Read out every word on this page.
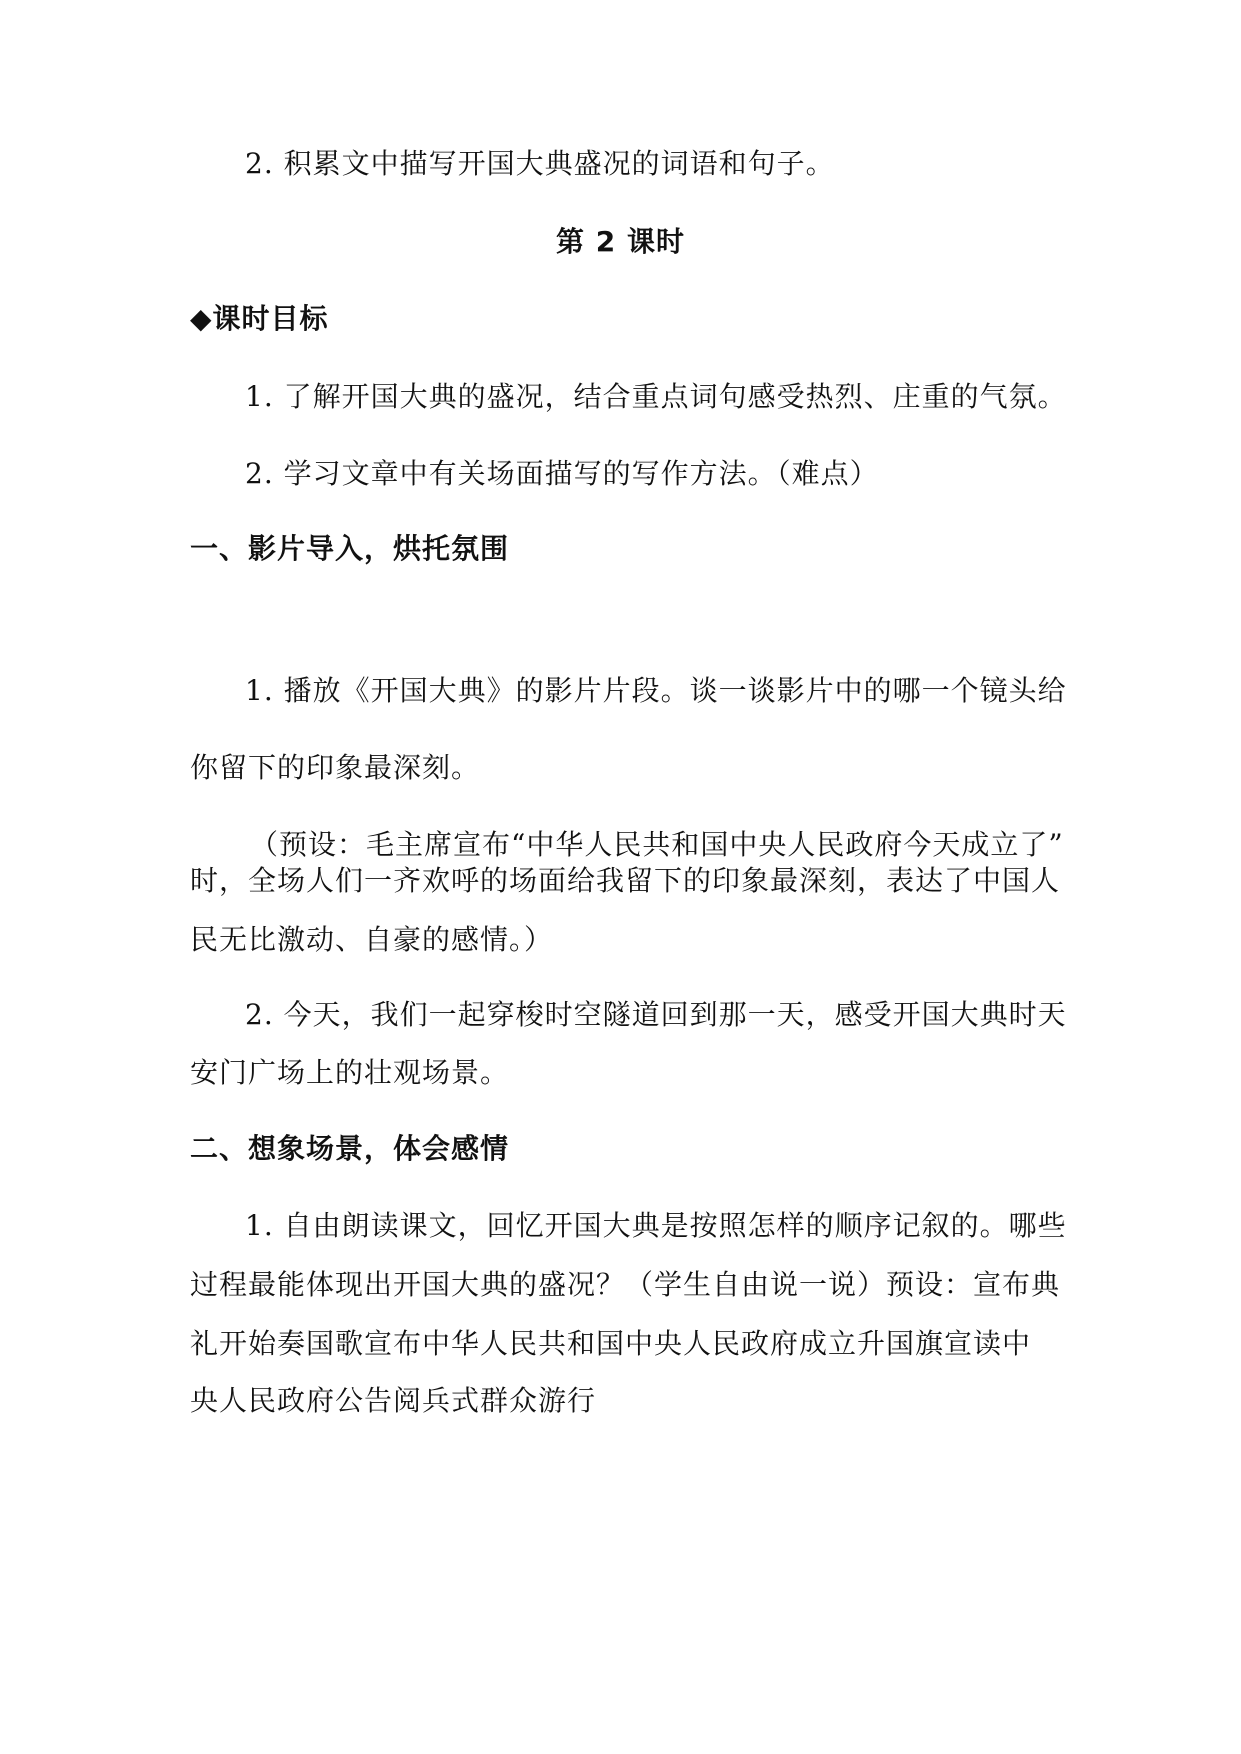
2. 积累文中描写开国大典盛况的词语和句子。
第 2 课时
◆课时目标
1. 了解开国大典的盛况，结合重点词句感受热烈、庄重的气氛。
2. 学习文章中有关场面描写的写作方法。（难点）
一、影片导入，烘托氛围
1. 播放《开国大典》的影片片段。谈一谈影片中的哪一个镜头给
你留下的印象最深刻。
（预设：毛主席宣布“中华人民共和国中央人民政府今天成立了”
时，全场人们一齐欢呼的场面给我留下的印象最深刻，表达了中国人
民无比激动、自豪的感情。）
2. 今天，我们一起穿梭时空隧道回到那一天，感受开国大典时天
安门广场上的壮观场景。
二、想象场景，体会感情
1. 自由朗读课文，回忆开国大典是按照怎样的顺序记叙的。哪些
过程最能体现出开国大典的盛况？（学生自由说一说）预设：宣布典
礼开始奏国歌宣布中华人民共和国中央人民政府成立升国旗宣读中
央人民政府公告阅兵式群众游行
